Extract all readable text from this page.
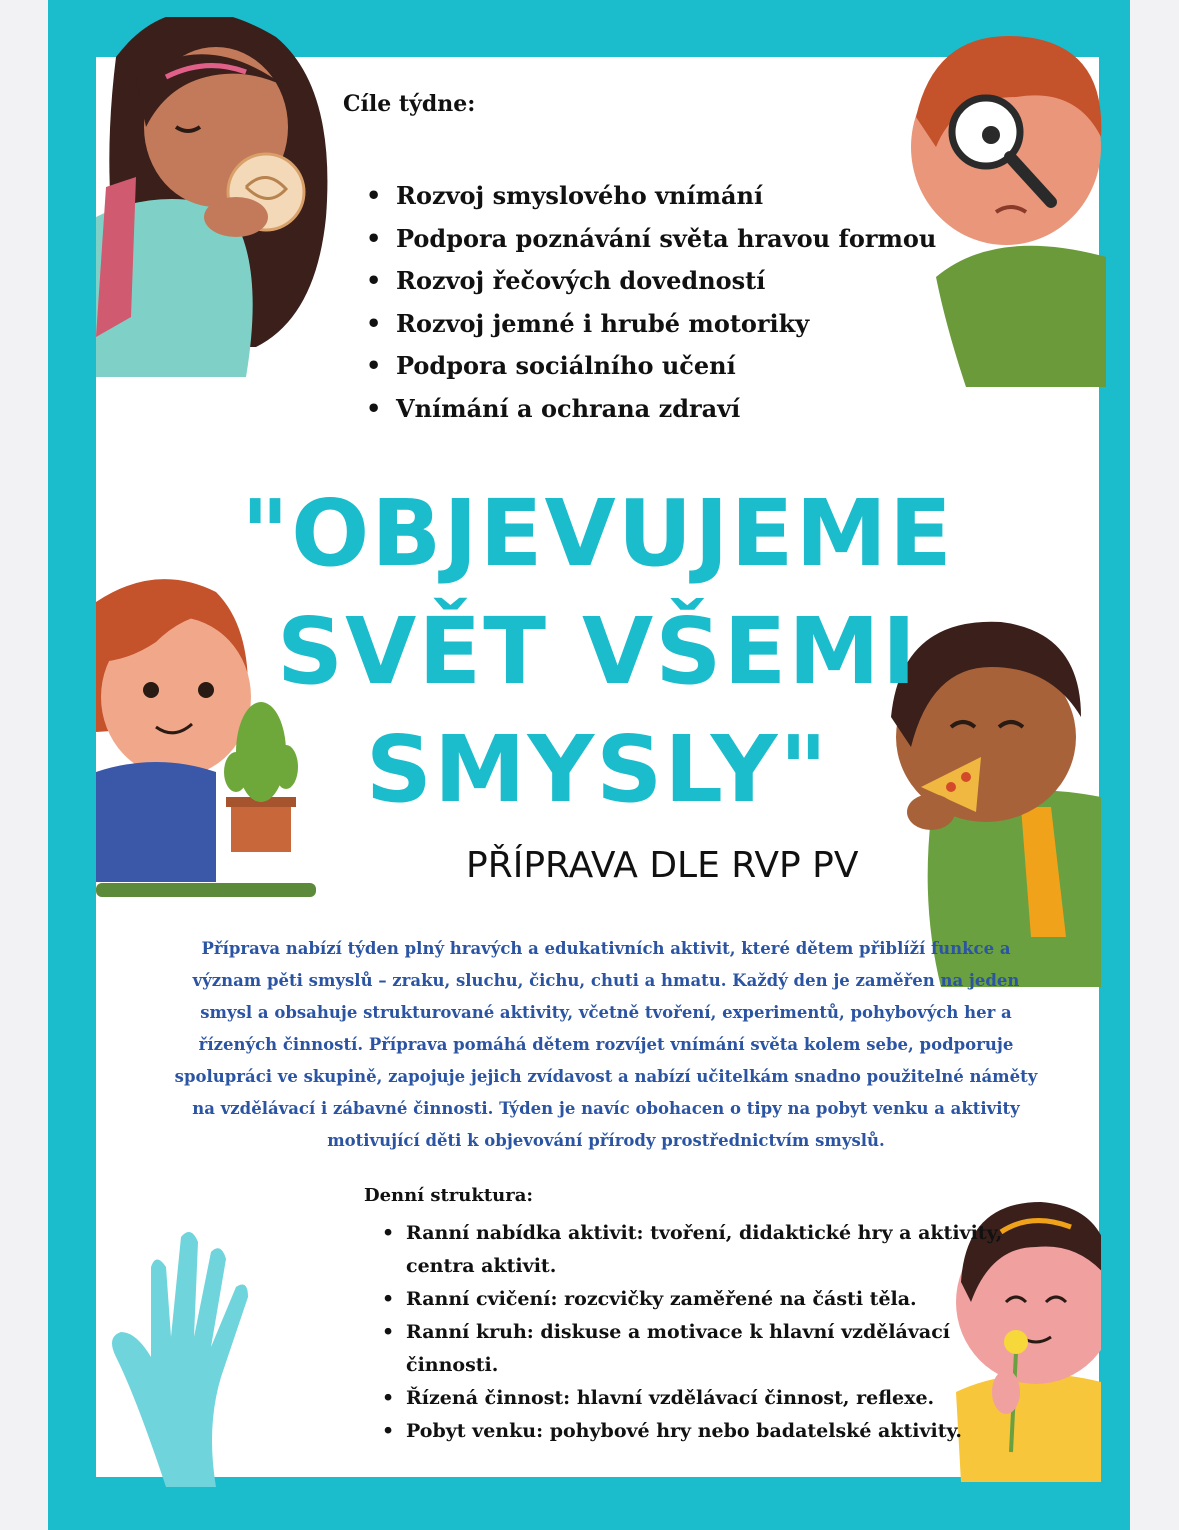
Cíle týdne:
• Rozvoj smyslového vnímání
• Podpora poznávání světa hravou formou
• Rozvoj řečových dovedností
• Rozvoj jemné i hrubé motoriky
• Podpora sociálního učení
• Vnímání a ochrana zdraví
"OBJEVUJEME
SVĚT VŠEMI
SMYSLY"
PŘÍPRAVA DLE RVP PV
Příprava nabízí týden plný hravých a edukativních aktivit, které dětem přiblíží funkce a význam pěti smyslů – zraku, sluchu, čichu, chuti a hmatu. Každý den je zaměřen na jeden smysl a obsahuje strukturované aktivity, včetně tvoření, experimentů, pohybových her a řízených činností. Příprava pomáhá dětem rozvíjet vnímání světa kolem sebe, podporuje spolupráci ve skupině, zapojuje jejich zvídavost a nabízí učitelkám snadno použitelné náměty na vzdělávací i zábavné činnosti. Týden je navíc obohacen o tipy na pobyt venku a aktivity motivující děti k objevování přírody prostřednictvím smyslů.
Denní struktura:
• Ranní nabídka aktivit: tvoření, didaktické hry a aktivity, centra aktivit.
• Ranní cvičení: rozcvičky zaměřené na části těla.
• Ranní kruh: diskuse a motivace k hlavní vzdělávací činnosti.
• Řízená činnost: hlavní vzdělávací činnost, reflexe.
• Pobyt venku: pohybové hry nebo badatelské aktivity.
